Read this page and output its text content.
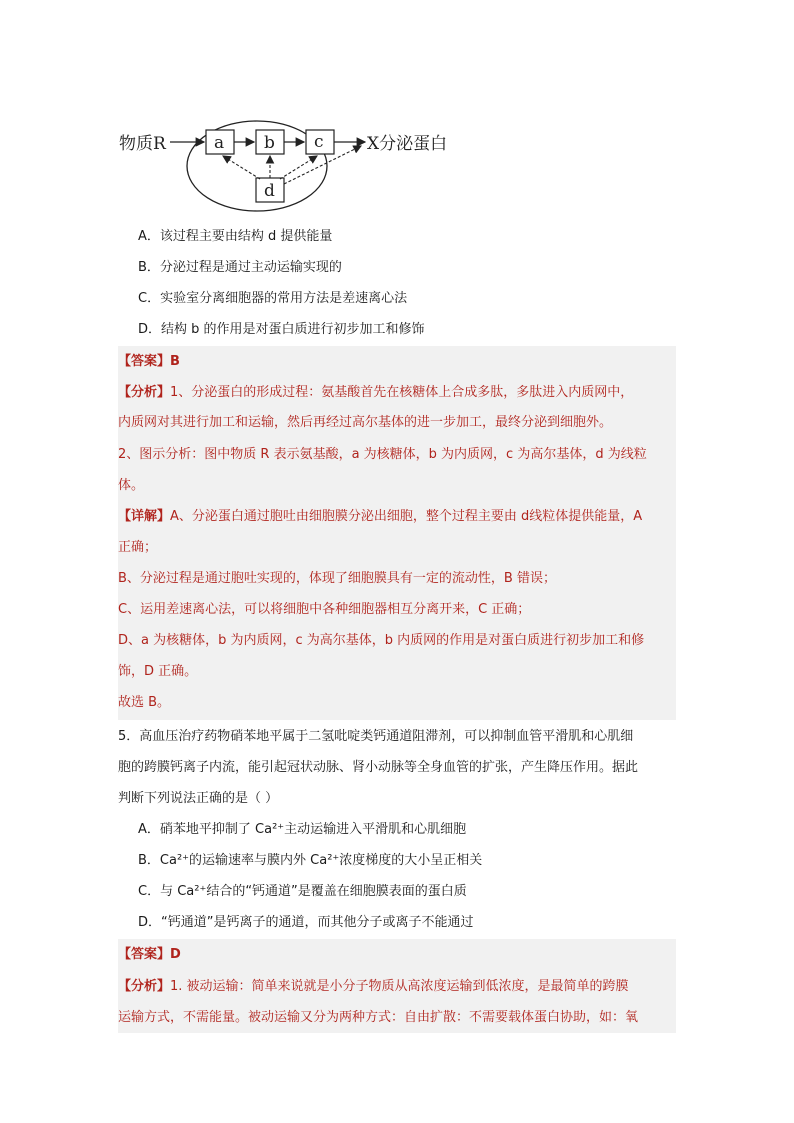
物质R	a b c	X分泌蛋白
d
A．该过程主要由结构 d 提供能量
B．分泌过程是通过主动运输实现的
C．实验室分离细胞器的常用方法是差速离心法
D．结构 b 的作用是对蛋白质进行初步加工和修饰
【答案】B
【分析】1、分泌蛋白的形成过程：氨基酸首先在核糖体上合成多肽，多肽进入内质网中，
内质网对其进行加工和运输，然后再经过高尔基体的进一步加工，最终分泌到细胞外。
2、图示分析：图中物质 R 表示氨基酸，a 为核糖体，b 为内质网，c 为高尔基体，d 为线粒
体。
【详解】A、分泌蛋白通过胞吐由细胞膜分泌出细胞，整个过程主要由 d线粒体提供能量，A
正确；
B、分泌过程是通过胞吐实现的，体现了细胞膜具有一定的流动性，B 错误；
C、运用差速离心法，可以将细胞中各种细胞器相互分离开来，C 正确；
D、a 为核糖体，b 为内质网，c 为高尔基体，b 内质网的作用是对蛋白质进行初步加工和修
饰，D 正确。
故选 B。
5．高血压治疗药物硝苯地平属于二氢吡啶类钙通道阻滞剂，可以抑制血管平滑肌和心肌细
胞的跨膜钙离子内流，能引起冠状动脉、肾小动脉等全身血管的扩张，产生降压作用。据此
判断下列说法正确的是（ ）
A．硝苯地平抑制了 Ca²⁺主动运输进入平滑肌和心肌细胞
B．Ca²⁺的运输速率与膜内外 Ca²⁺浓度梯度的大小呈正相关
C．与 Ca²⁺结合的“钙通道”是覆盖在细胞膜表面的蛋白质
D．“钙通道”是钙离子的通道，而其他分子或离子不能通过
【答案】D
【分析】1. 被动运输：简单来说就是小分子物质从高浓度运输到低浓度，是最简单的跨膜
运输方式，不需能量。被动运输又分为两种方式：自由扩散：不需要载体蛋白协助，如：氧
